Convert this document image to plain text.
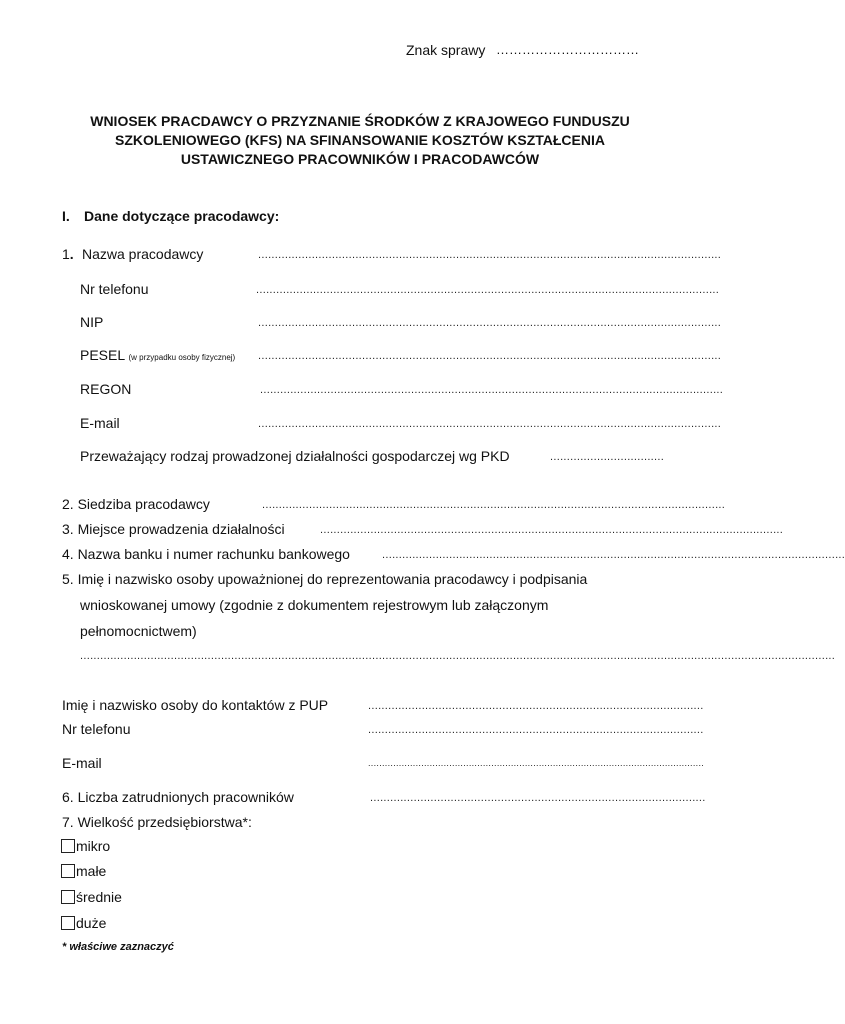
Znak sprawy ……………………………
WNIOSEK PRACDAWCY O PRZYZNANIE ŚRODKÓW Z KRAJOWEGO FUNDUSZU
SZKOLENIOWEGO (KFS) NA SFINANSOWANIE KOSZTÓW KSZTAŁCENIA
USTAWICZNEGO PRACOWNIKÓW I PRACODAWCÓW
I. Dane dotyczące pracodawcy:
1. Nazwa pracodawcy	..........................................................................................................................................
Nr telefonu	..........................................................................................................................................
NIP	..........................................................................................................................................
PESEL (w przypadku osoby fizycznej) ..........................................................................................................................................
REGON	..........................................................................................................................................
E-mail	..........................................................................................................................................
Przeważający rodzaj prowadzonej działalności gospodarczej wg PKD	..................................
2. Siedziba pracodawcy	..........................................................................................................................................
3. Miejsce prowadzenia działalności	..........................................................................................................................................
4. Nazwa banku i numer rachunku bankowego	..........................................................................................................................................
5. Imię i nazwisko osoby upoważnionej do reprezentowania pracodawcy i podpisania
wnioskowanej umowy (zgodnie z dokumentem rejestrowym lub załączonym
pełnomocnictwem)
.................................................................................................................................................................................................................................
Imię i nazwisko osoby do kontaktów z PUP	....................................................................................................
Nr telefonu	....................................................................................................
E-mail	........................................................................................................................
6. Liczba zatrudnionych pracowników	....................................................................................................
7. Wielkość przedsiębiorstwa*:
mikro
małe
średnie
duże
* właściwe zaznaczyć
